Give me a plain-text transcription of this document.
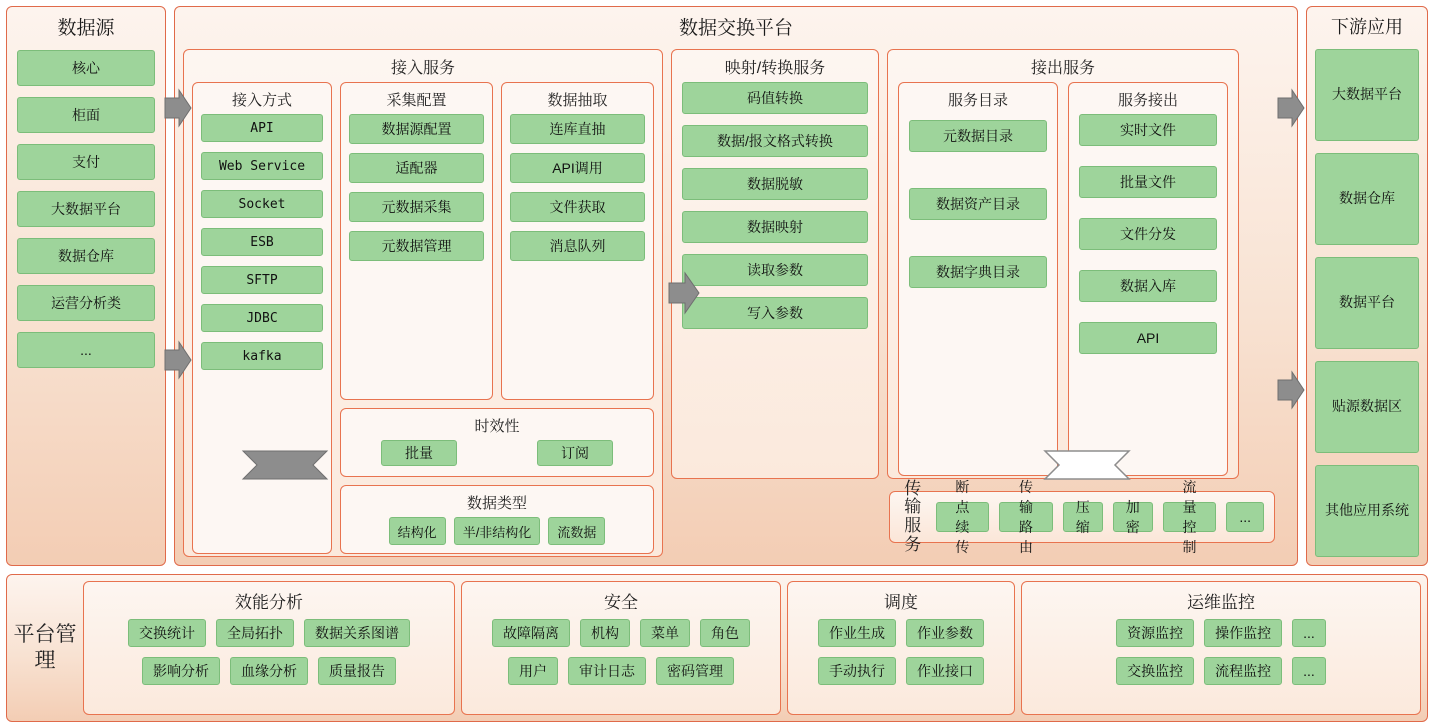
数据源
核心
柜面
支付
大数据平台
数据仓库
运营分析类
...
数据交换平台
接入服务
接入方式
API
Web Service
Socket
ESB
SFTP
JDBC
kafka
采集配置
数据源配置
适配器
元数据采集
元数据管理
数据抽取
连库直抽
API调用
文件获取
消息队列
时效性
批量	订阅
数据类型
结构化	半/非结构化	流数据
映射/转换服务
码值转换
数据/报文格式转换
数据脱敏
数据映射
读取参数
写入参数
接出服务
服务目录
元数据目录
数据资产目录
数据字典目录
服务接出
实时文件
批量文件
文件分发
数据入库
API
传输服务
断点续传
传输路由
压缩
加密
流量控制
...
下游应用
大数据平台
数据仓库
数据平台
贴源数据区
其他应用系统
平台管理
效能分析
交换统计	全局拓扑	数据关系图谱
影响分析	血缘分析	质量报告
安全
故障隔离	机构	菜单	角色
用户	审计日志	密码管理
调度
作业生成	作业参数
手动执行	作业接口
运维监控
资源监控	操作监控	...
交换监控	流程监控	...
